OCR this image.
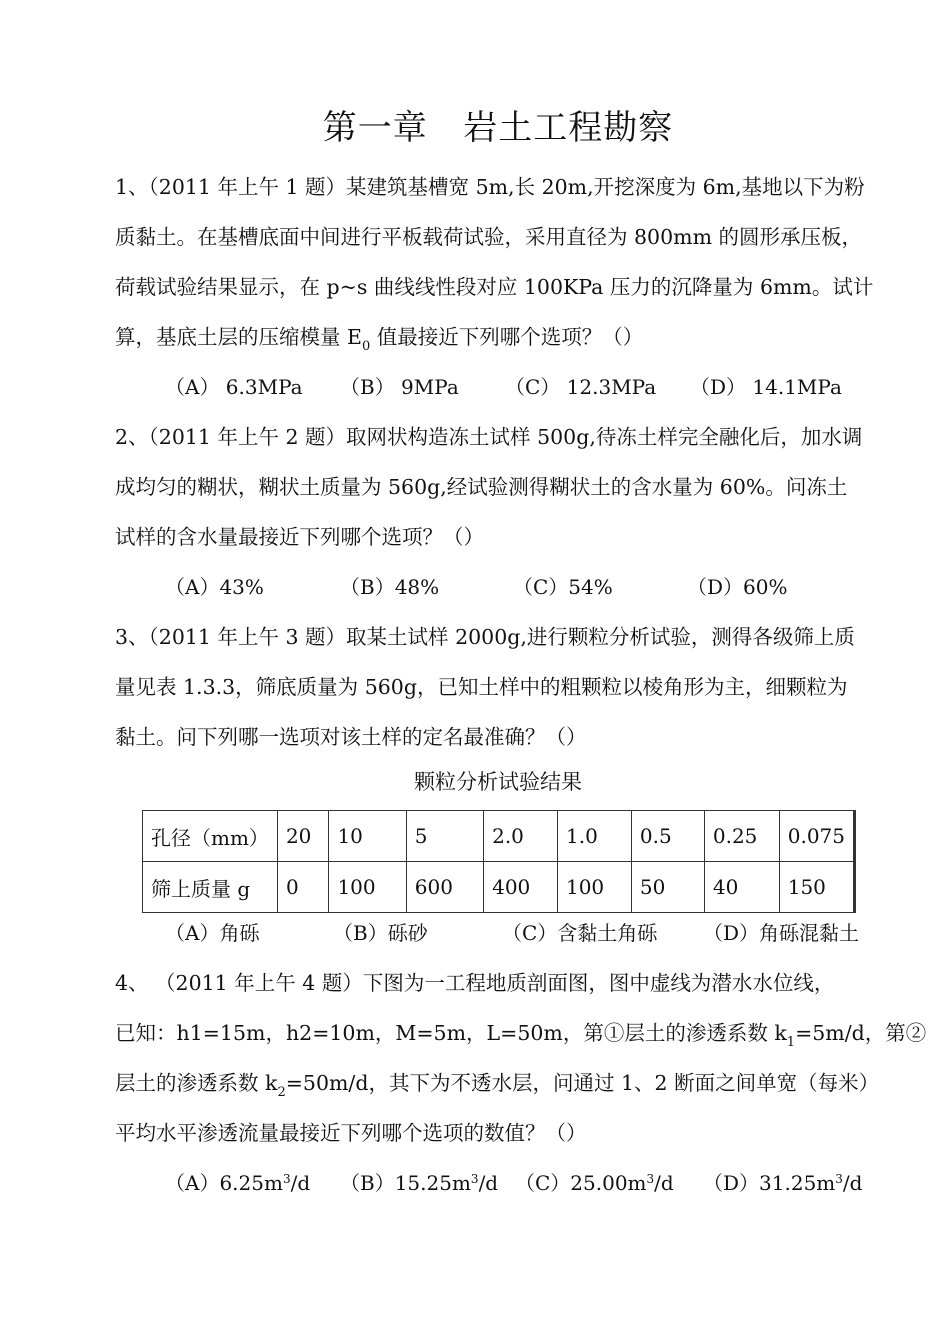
第一章   岩土工程勘察
1、（2011 年上午 1 题）某建筑基槽宽 5m,长 20m,开挖深度为 6m,基地以下为粉
质黏土。在基槽底面中间进行平板载荷试验，采用直径为 800mm 的圆形承压板，
荷载试验结果显示，在 p~s 曲线线性段对应 100KPa 压力的沉降量为 6mm。试计
算，基底土层的压缩模量 $E_0$ 值最接近下列哪个选项？（）
（A） 6.3MPa （B） 9MPa （C） 12.3MPa （D） 14.1MPa
2、（2011 年上午 2 题）取网状构造冻土试样 500g,待冻土样完全融化后，加水调
成均匀的糊状，糊状土质量为 560g,经试验测得糊状土的含水量为 60%。问冻土
试样的含水量最接近下列哪个选项？（）
（A）43%	（B）48%	（C）54%	（D）60%
3、（2011 年上午 3 题）取某土试样 2000g,进行颗粒分析试验，测得各级筛上质
量见表 1.3.3，筛底质量为 560g，已知土样中的粗颗粒以棱角形为主，细颗粒为
黏土。问下列哪一选项对该土样的定名最准确？（）
颗粒分析试验结果
孔径（mm）	20	10	5	2.0	1.0	0.5	0.25	0.075
筛上质量 g	0	100	600	400	100	50	40	150
（A）角砾	（B）砾砂	（C）含黏土角砾 （D）角砾混黏土
4、 （2011 年上午 4 题）下图为一工程地质剖面图，图中虚线为潜水水位线，
已知：h1=15m，h2=10m，M=5m，L=50m，第①层土的渗透系数 $k_1=5m/d$，第②
层土的渗透系数 $k_2=50m/d$，其下为不透水层，问通过 1、2 断面之间单宽（每米）
平均水平渗透流量最接近下列哪个选项的数值？（）
$(A)6.25m^3/d$ $(B)15.25m^3/d$ $(C)25.00m^3/d$ $(D)31.25m^3/d$
